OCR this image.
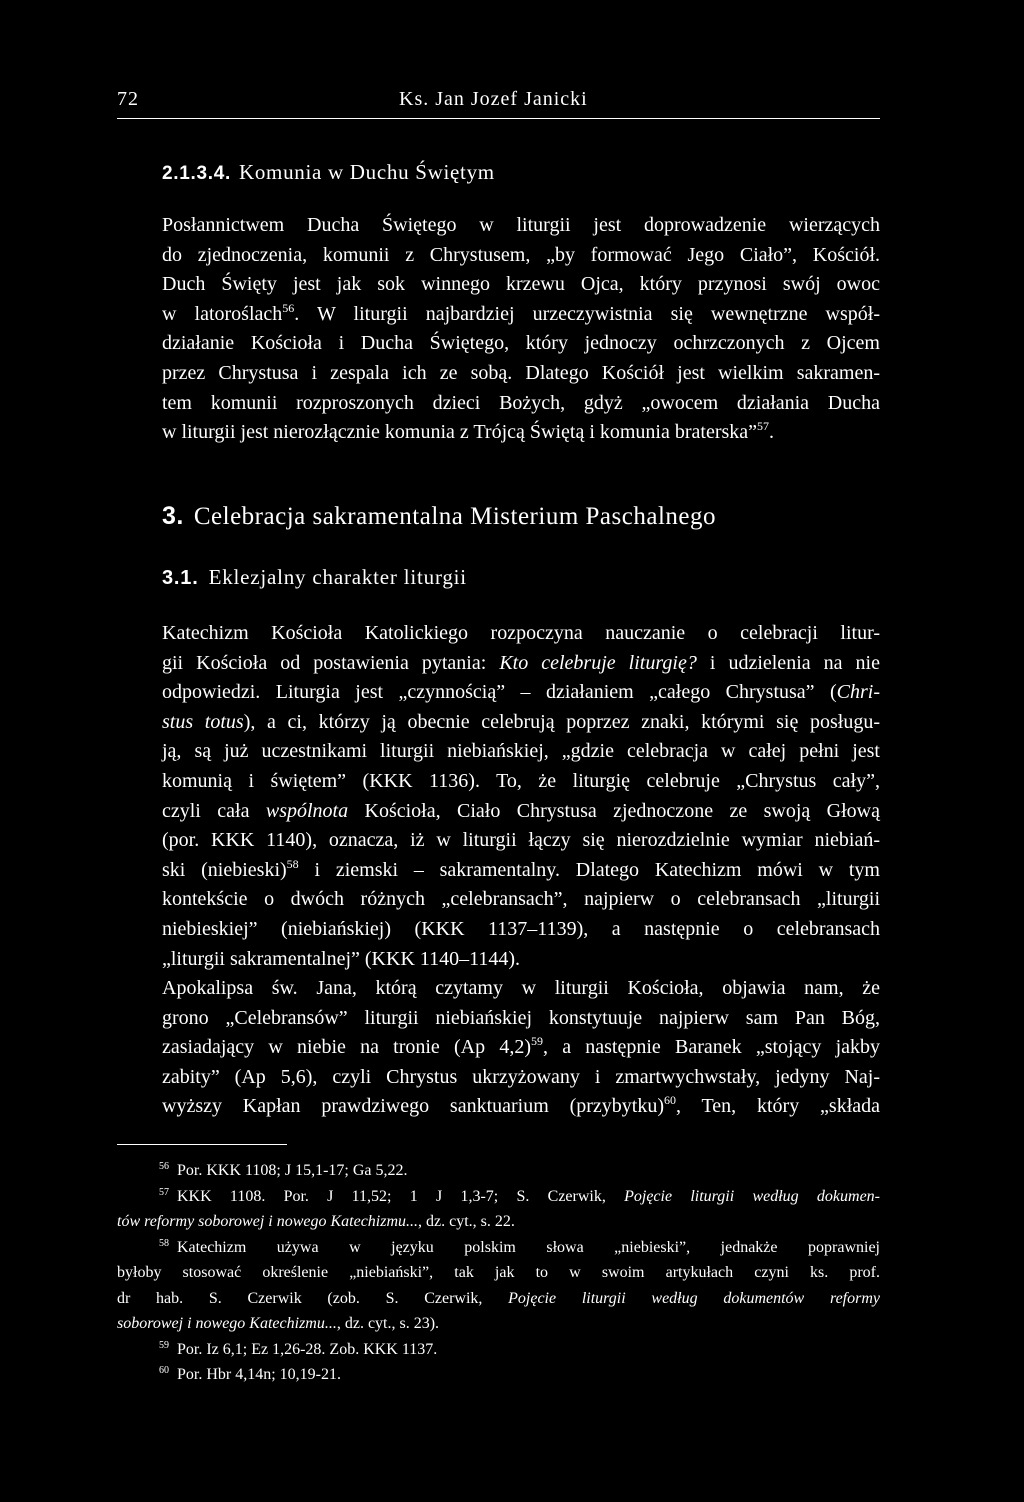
72	Ks. Jan Jozef Janicki
2.1.3.4. Komunia w Duchu Świętym
Posłannictwem Ducha Świętego w liturgii jest doprowadzenie wierzących
do zjednoczenia, komunii z Chrystusem, „by formować Jego Ciało”, Kościół.
Duch Święty jest jak sok winnego krzewu Ojca, który przynosi swój owoc
w latoroślach$^{56}$. W liturgii najbardziej urzeczywistnia się wewnętrzne współ-
działanie Kościoła i Ducha Świętego, który jednoczy ochrzczonych z Ojcem
przez Chrystusa i zespala ich ze sobą. Dlatego Kościół jest wielkim sakramen-
tem komunii rozproszonych dzieci Bożych, gdyż „owocem działania Ducha
w liturgii jest nierozłącznie komunia z Trójcą Świętą i komunia braterska”$^{57}$.
3. Celebracja sakramentalna Misterium Paschalnego
3.1. Eklezjalny charakter liturgii
Katechizm Kościoła Katolickiego rozpoczyna nauczanie o celebracji litur-
gii Kościoła od postawienia pytania: Kto celebruje liturgię? i udzielenia na nie
odpowiedzi. Liturgia jest „czynnością” – działaniem „całego Chrystusa” (Chri-
stus totus), a ci, którzy ją obecnie celebrują poprzez znaki, którymi się posługu-
ją, są już uczestnikami liturgii niebiańskiej, „gdzie celebracja w całej pełni jest
komunią i świętem” (KKK 1136). To, że liturgię celebruje „Chrystus cały”,
czyli cała wspólnota Kościoła, Ciało Chrystusa zjednoczone ze swoją Głową
(por. KKK 1140), oznacza, iż w liturgii łączy się nierozdzielnie wymiar niebiań-
ski (niebieski)$^{58}$ i ziemski – sakramentalny. Dlatego Katechizm mówi w tym
kontekście o dwóch różnych „celebransach”, najpierw o celebransach „liturgii
niebieskiej” (niebiańskiej) (KKK 1137–1139), a następnie o celebransach
„liturgii sakramentalnej” (KKK 1140–1144).
Apokalipsa św. Jana, którą czytamy w liturgii Kościoła, objawia nam, że
grono „Celebransów” liturgii niebiańskiej konstytuuje najpierw sam Pan Bóg,
zasiadający w niebie na tronie (Ap 4,2)$^{59}$, a następnie Baranek „stojący jakby
zabity” (Ap 5,6), czyli Chrystus ukrzyżowany i zmartwychwstały, jedyny Naj-
wyższy Kapłan prawdziwego sanktuarium (przybytku)$^{60}$, Ten, który „składa
$^{56}$ Por. KKK 1108; J 15,1-17; Ga 5,22.
$^{57}$ KKK 1108. Por. J 11,52; 1 J 1,3-7; S. Czerwik, Pojęcie liturgii według dokumen-
tów reformy soborowej i nowego Katechizmu..., dz. cyt., s. 22.
$^{58}$ Katechizm używa w języku polskim słowa „niebieski”, jednakże poprawniej
byłoby stosować określenie „niebiański”, tak jak to w swoim artykułach czyni ks. prof.
dr hab. S. Czerwik (zob. S. Czerwik, Pojęcie liturgii według dokumentów reformy
soborowej i nowego Katechizmu..., dz. cyt., s. 23).
$^{59}$ Por. Iz 6,1; Ez 1,26-28. Zob. KKK 1137.
$^{60}$ Por. Hbr 4,14n; 10,19-21.
